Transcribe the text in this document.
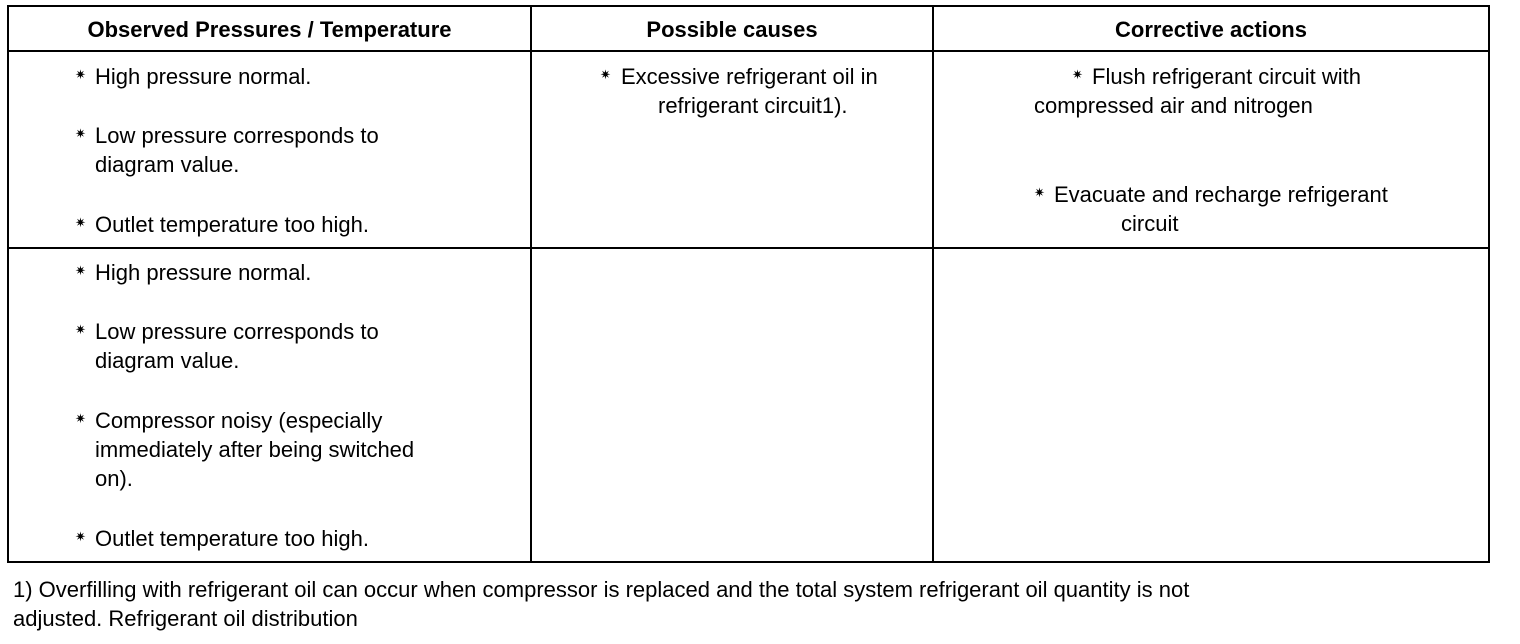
Observed Pressures / Temperature	Possible causes	Corrective actions
✷ High pressure normal.
✷ Low pressure corresponds to
diagram value.
✷ Outlet temperature too high.
✷ Excessive refrigerant oil in
refrigerant circuit1).
✷ Flush refrigerant circuit with
compressed air and nitrogen
✷ Evacuate and recharge refrigerant
circuit
✷ High pressure normal.
✷ Low pressure corresponds to
diagram value.
✷ Compressor noisy (especially
immediately after being switched
on).
✷ Outlet temperature too high.
1) Overfilling with refrigerant oil can occur when compressor is replaced and the total system refrigerant oil quantity is not
adjusted. Refrigerant oil distribution
